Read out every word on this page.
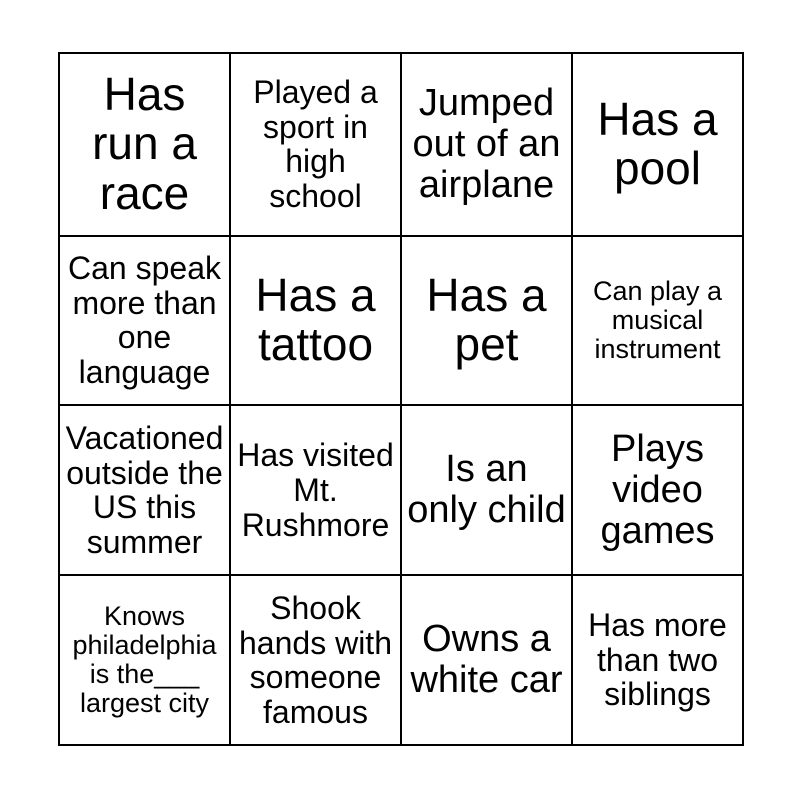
Has run a race	Played a sport in high school	Jumped out of an airplane	Has a pool
Can speak more than one language	Has a tattoo	Has a pet	Can play a musical instrument
Vacationed outside the US this summer	Has visited Mt. Rushmore	Is an only child	Plays video games
Knows philadelphia is the___ largest city	Shook hands with someone famous	Owns a white car	Has more than two siblings
